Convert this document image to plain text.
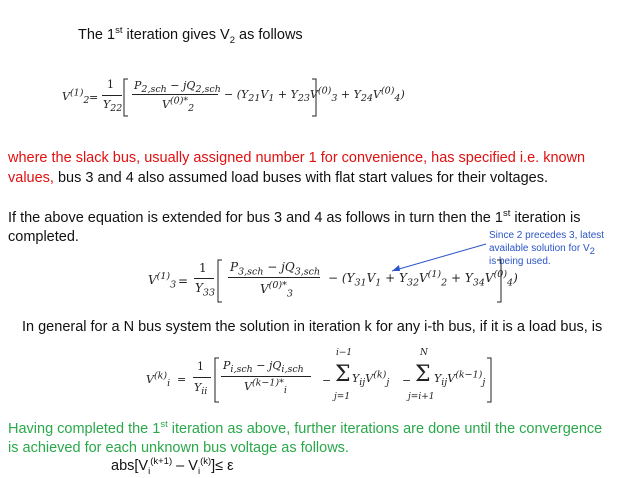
The 1st iteration gives $V_2$ as follows
$V^{(1)}_2$ =
1
$Y_{22}$
$P_{2,sch} - jQ_{2,sch}$
$V^{(0)*}_2$
− $(Y_{21}V_1 + Y_{23}V^{(0)}_3 + Y_{24}V^{(0)}_4)$
where the slack bus, usually assigned number 1 for convenience, has specified i.e. known
values, bus 3 and 4 also assumed load buses with flat start values for their voltages.
If the above equation is extended for bus 3 and 4 as follows in turn then the 1st iteration is
completed.	Since 2 precedes 3, latest
available solution for $V_2$
is being used.
$V^{(1)}_3$ =
1
$Y_{33}$
$P_{3,sch} - jQ_{3,sch}$
$V^{(0)*}_3$
− $(Y_{31}V_1 + Y_{32}V^{(1)}_2 + Y_{34}V^{(0)}_4)$
In general for a N bus system the solution in iteration k for any i-th bus, if it is a load bus, is
$V^{(k)}_i$ =
1
$Y_{ii}$
$P_{i,sch} - jQ_{i,sch}$
$V^{(k-1)*}_i$
−
i−1
Σ
j=1
$Y_{ij}V^{(k)}_j$ −
N
Σ
j=i+1
$Y_{ij}V^{(k-1)}_j$
Having completed the 1st iteration as above, further iterations are done until the convergence
is achieved for each unknown bus voltage as follows.
$abs[V_i^{(k+1)} - V_i^{(k)}]\le \varepsilon$
